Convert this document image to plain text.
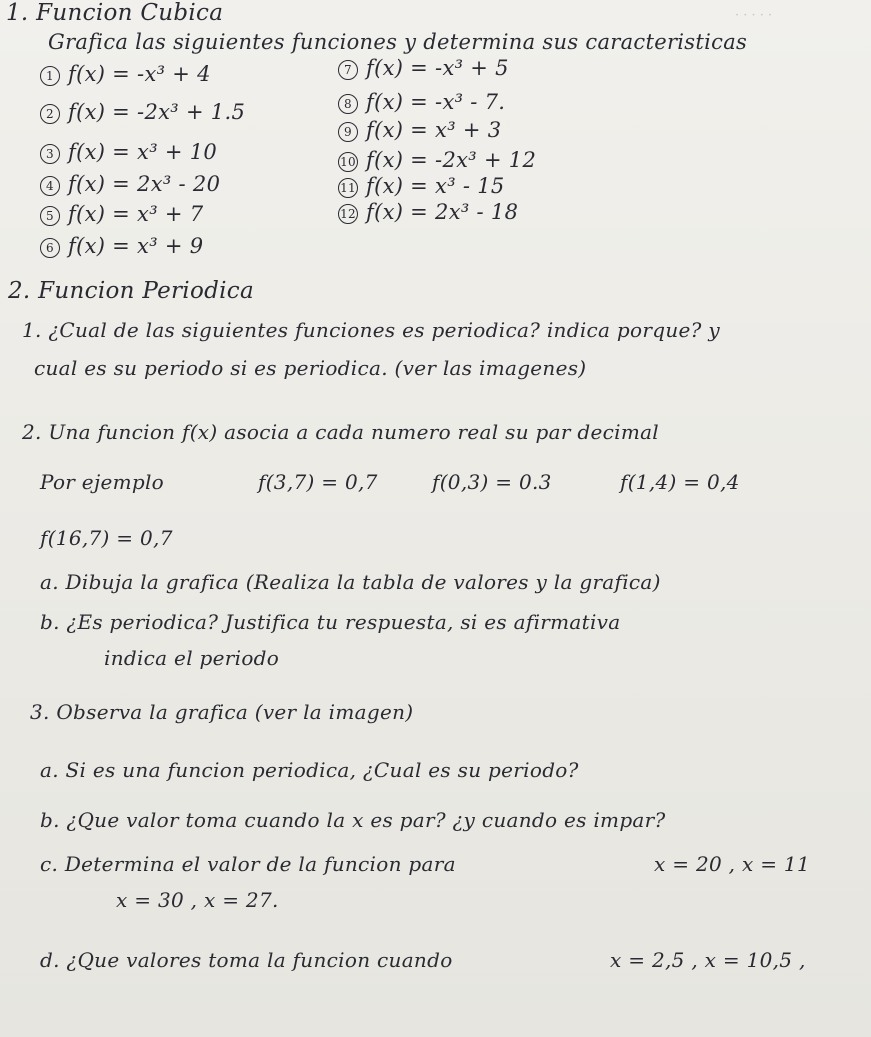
· · · · ·
1. Funcion Cubica
Grafica las siguientes funciones y determina sus caracteristicas
1 f(x) = -x³ + 4
2 f(x) = -2x³ + 1.5
3 f(x) = x³ + 10
4 f(x) = 2x³ - 20
5 f(x) = x³ + 7
6 f(x) = x³ + 9
7 f(x) = -x³ + 5
8 f(x) = -x³ - 7.
9 f(x) = x³ + 3
10 f(x) = -2x³ + 12
11 f(x) = x³ - 15
12 f(x) = 2x³ - 18
2. Funcion Periodica
1. ¿Cual de las siguientes funciones es periodica? indica porque? y
cual es su periodo si es periodica. (ver las imagenes)
2. Una funcion f(x) asocia a cada numero real su par decimal
Por ejemplo	f(3,7) = 0,7	f(0,3) = 0.3	f(1,4) = 0,4
f(16,7) = 0,7
a. Dibuja la grafica (Realiza la tabla de valores y la grafica)
b. ¿Es periodica? Justifica tu respuesta, si es afirmativa
indica el periodo
3. Observa la grafica (ver la imagen)
a. Si es una funcion periodica, ¿Cual es su periodo?
b. ¿Que valor toma cuando la x es par? ¿y cuando es impar?
c. Determina el valor de la funcion para	x = 20 , x = 11
x = 30 , x = 27.
d. ¿Que valores toma la funcion cuando	x = 2,5 , x = 10,5 ,
